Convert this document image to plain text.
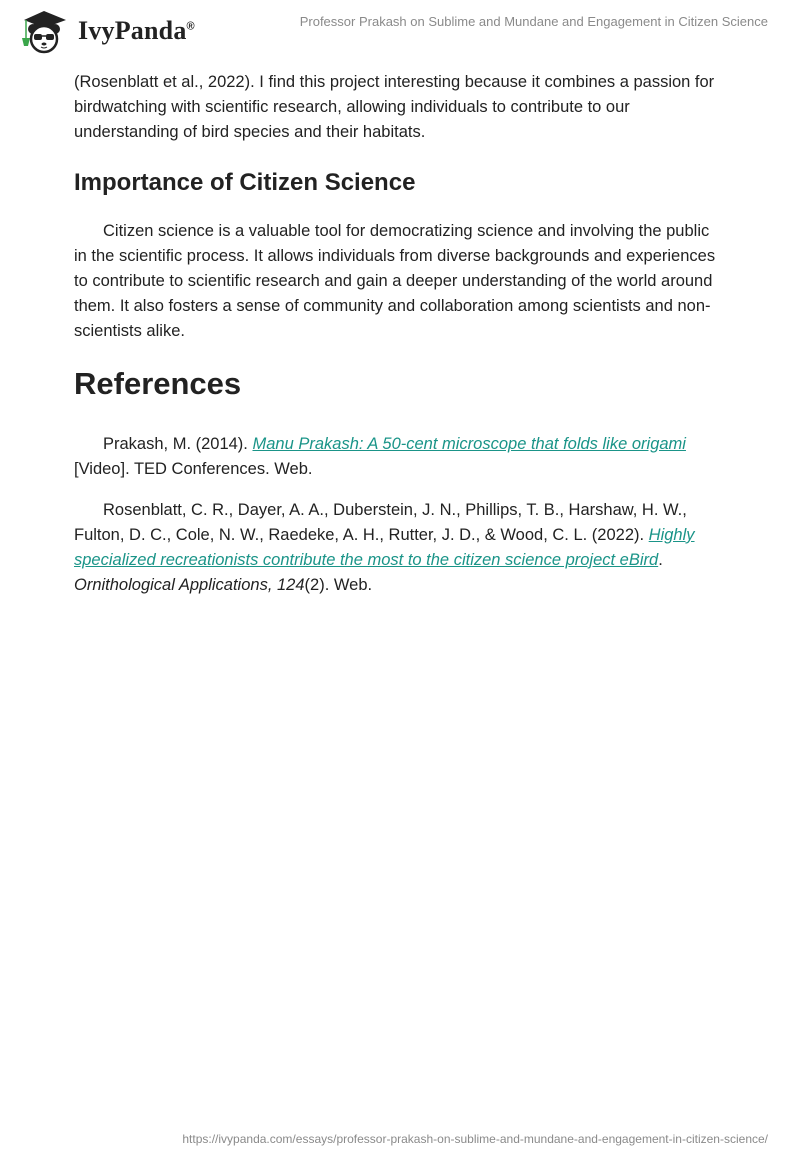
IvyPanda®	Professor Prakash on Sublime and Mundane and Engagement in Citizen Science

(Rosenblatt et al., 2022). I find this project interesting because it combines a passion for birdwatching with scientific research, allowing individuals to contribute to our understanding of bird species and their habitats.

Importance of Citizen Science

Citizen science is a valuable tool for democratizing science and involving the public in the scientific process. It allows individuals from diverse backgrounds and experiences to contribute to scientific research and gain a deeper understanding of the world around them. It also fosters a sense of community and collaboration among scientists and non-scientists alike.

References

Prakash, M. (2014). Manu Prakash: A 50-cent microscope that folds like origami [Video]. TED Conferences. Web.

Rosenblatt, C. R., Dayer, A. A., Duberstein, J. N., Phillips, T. B., Harshaw, H. W., Fulton, D. C., Cole, N. W., Raedeke, A. H., Rutter, J. D., & Wood, C. L. (2022). Highly specialized recreationists contribute the most to the citizen science project eBird. Ornithological Applications, 124(2). Web.

https://ivypanda.com/essays/professor-prakash-on-sublime-and-mundane-and-engagement-in-citizen-science/
